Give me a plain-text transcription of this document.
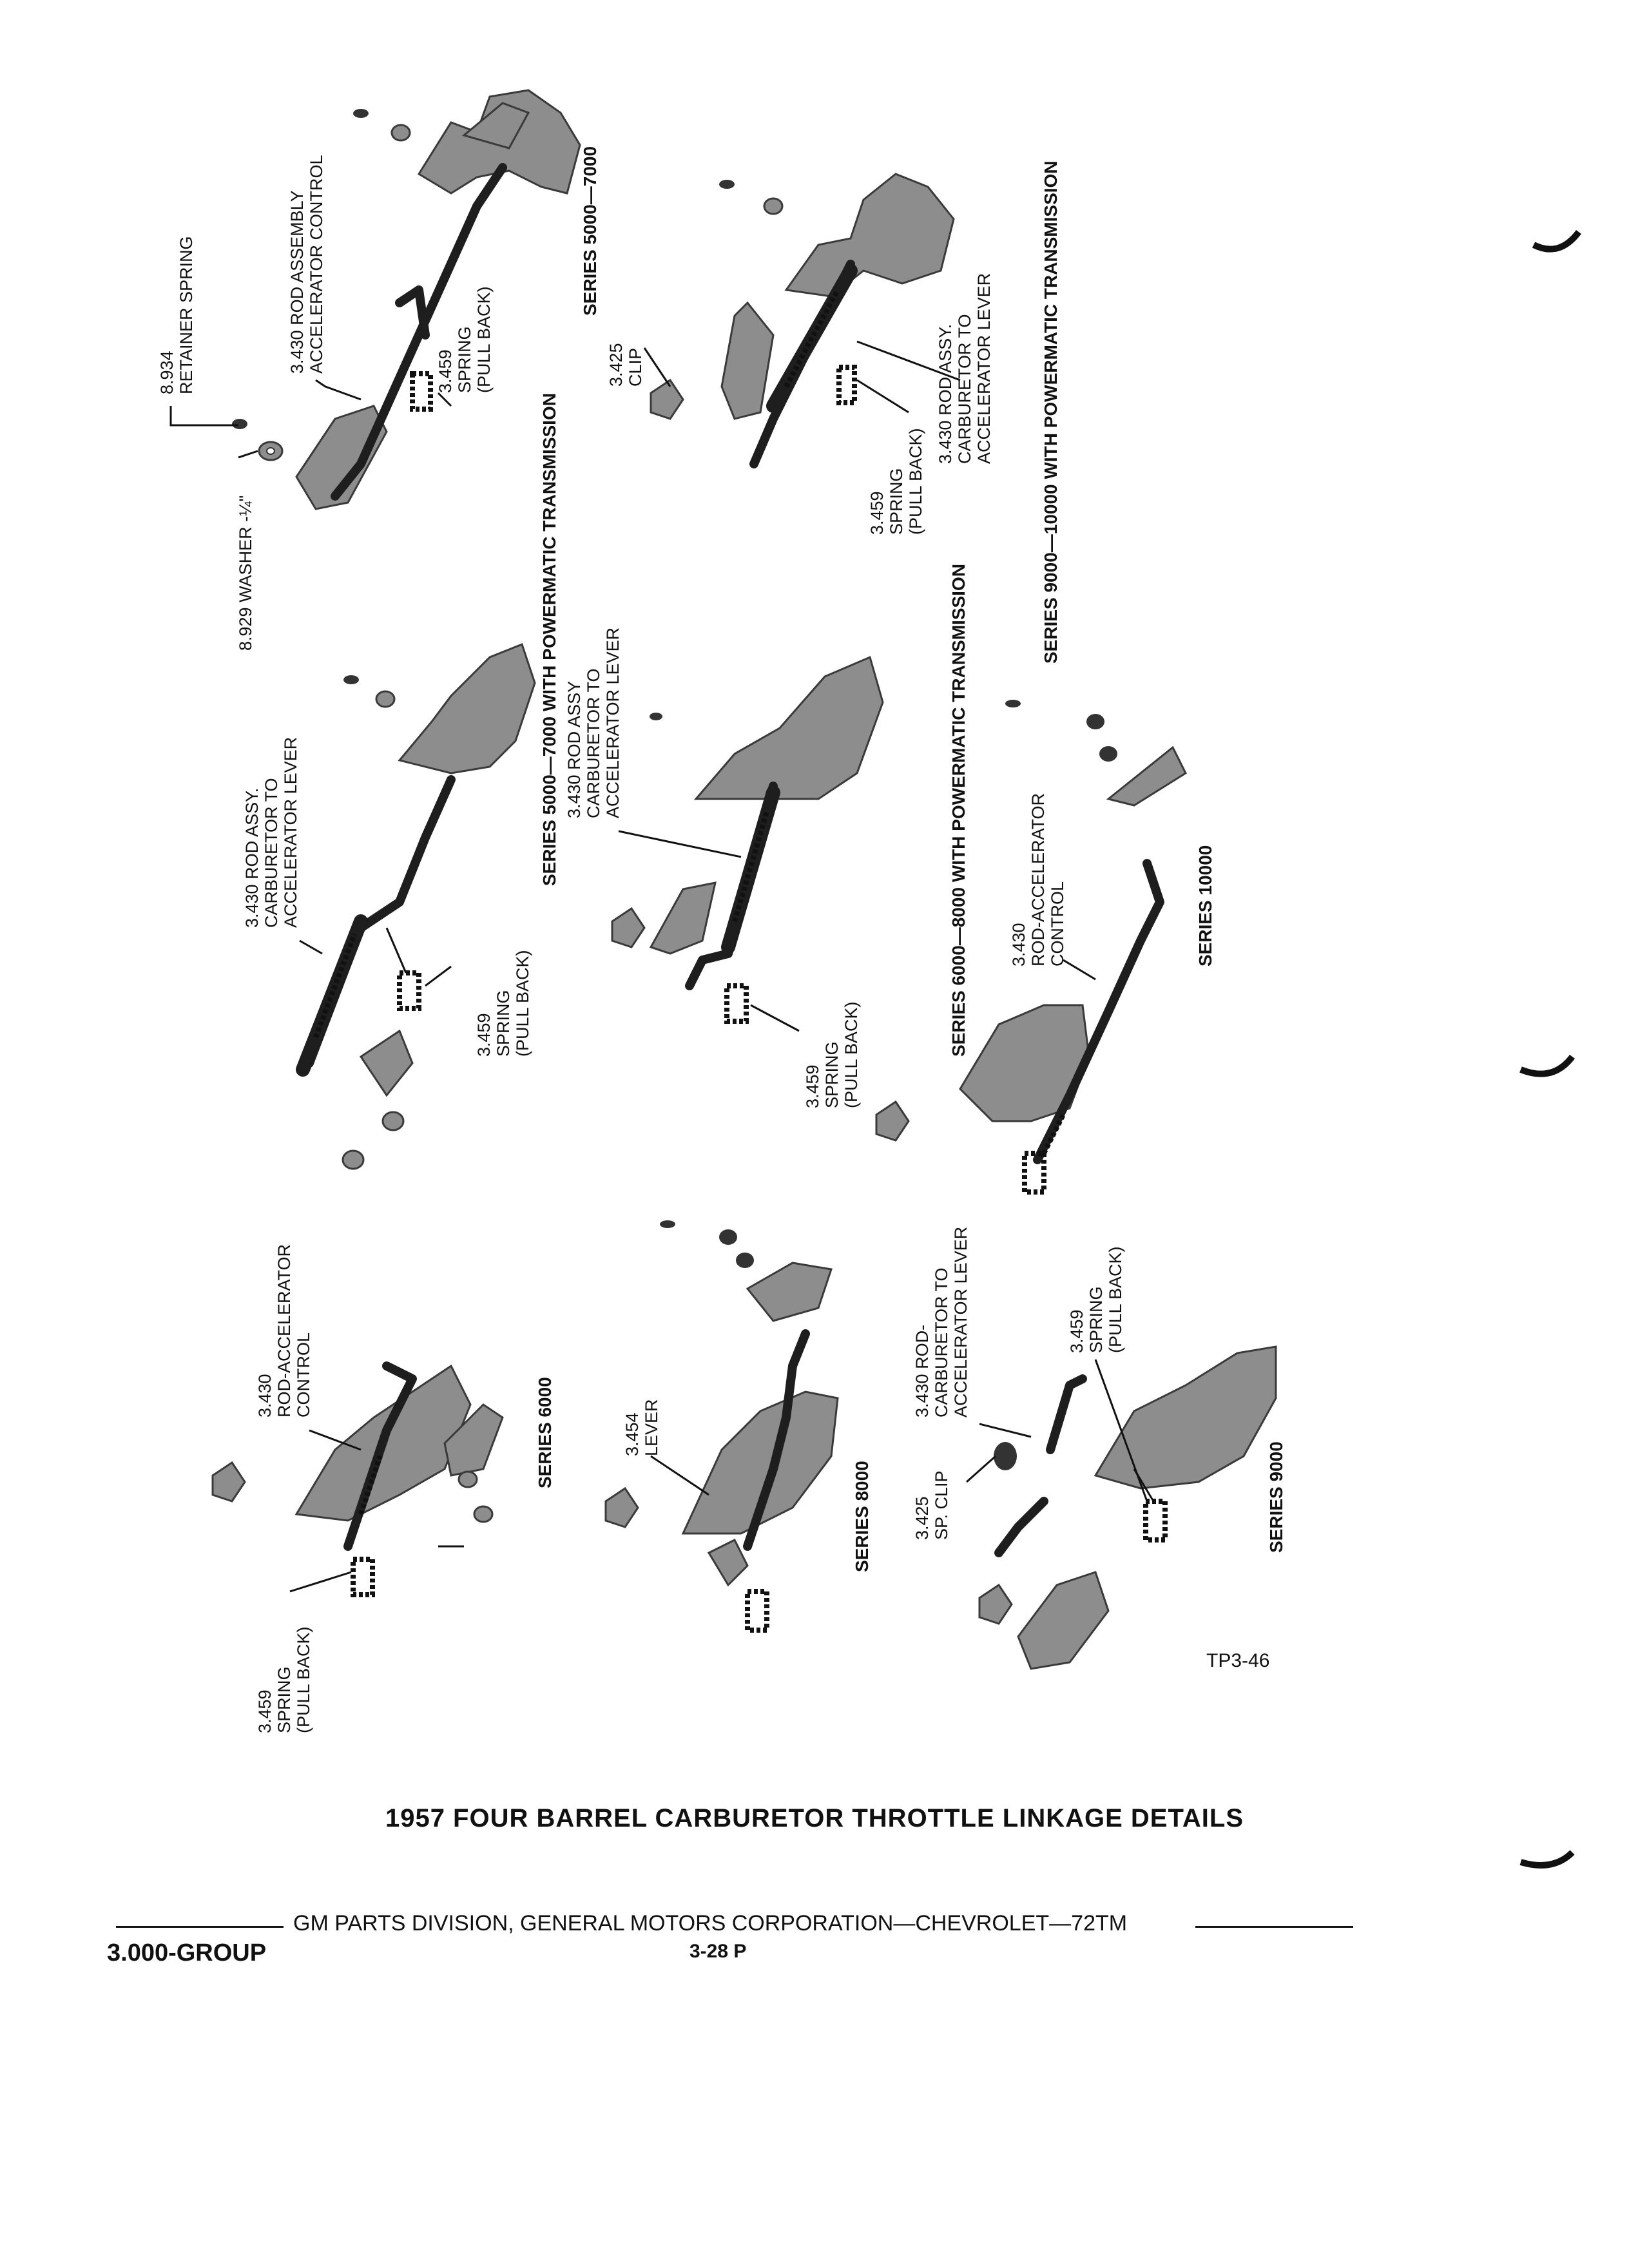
8.934RETAINER SPRING
8.929 WASHER -¼"
3.430 ROD ASSEMBLYACCELERATOR CONTROL	3.459SPRING(PULL BACK)	3.425CLIP	3.430 ROD ASSY.CARBURETOR TOACCELERATOR LEVER
3.459SPRING(PULL BACK)
3.430 ROD ASSY.CARBURETOR TOACCELERATOR LEVER
3.459SPRING(PULL BACK)
3.430 ROD ASSYCARBURETOR TOACCELERATOR LEVER
3.459SPRING(PULL BACK)
3.430ROD-ACCELERATORCONTROL
3.430ROD-ACCELERATORCONTROL
3.459SPRING(PULL BACK)
3.454LEVER
3.430 ROD-CARBURETOR TOACCELERATOR LEVER	3.459SPRING(PULL BACK)
3.425SP. CLIP
SERIES 5000—7000
SERIES 5000—7000 WITH POWERMATIC TRANSMISSION	SERIES 9000—10000 WITH POWERMATIC TRANSMISSION
SERIES 6000—8000 WITH POWERMATIC TRANSMISSION	SERIES 10000
SERIES 6000
SERIES 8000	SERIES 9000
TP3-46
1957 FOUR BARREL CARBURETOR THROTTLE LINKAGE DETAILS
GM PARTS DIVISION, GENERAL MOTORS CORPORATION—CHEVROLET—72TM
3.000-GROUP	3-28 P
